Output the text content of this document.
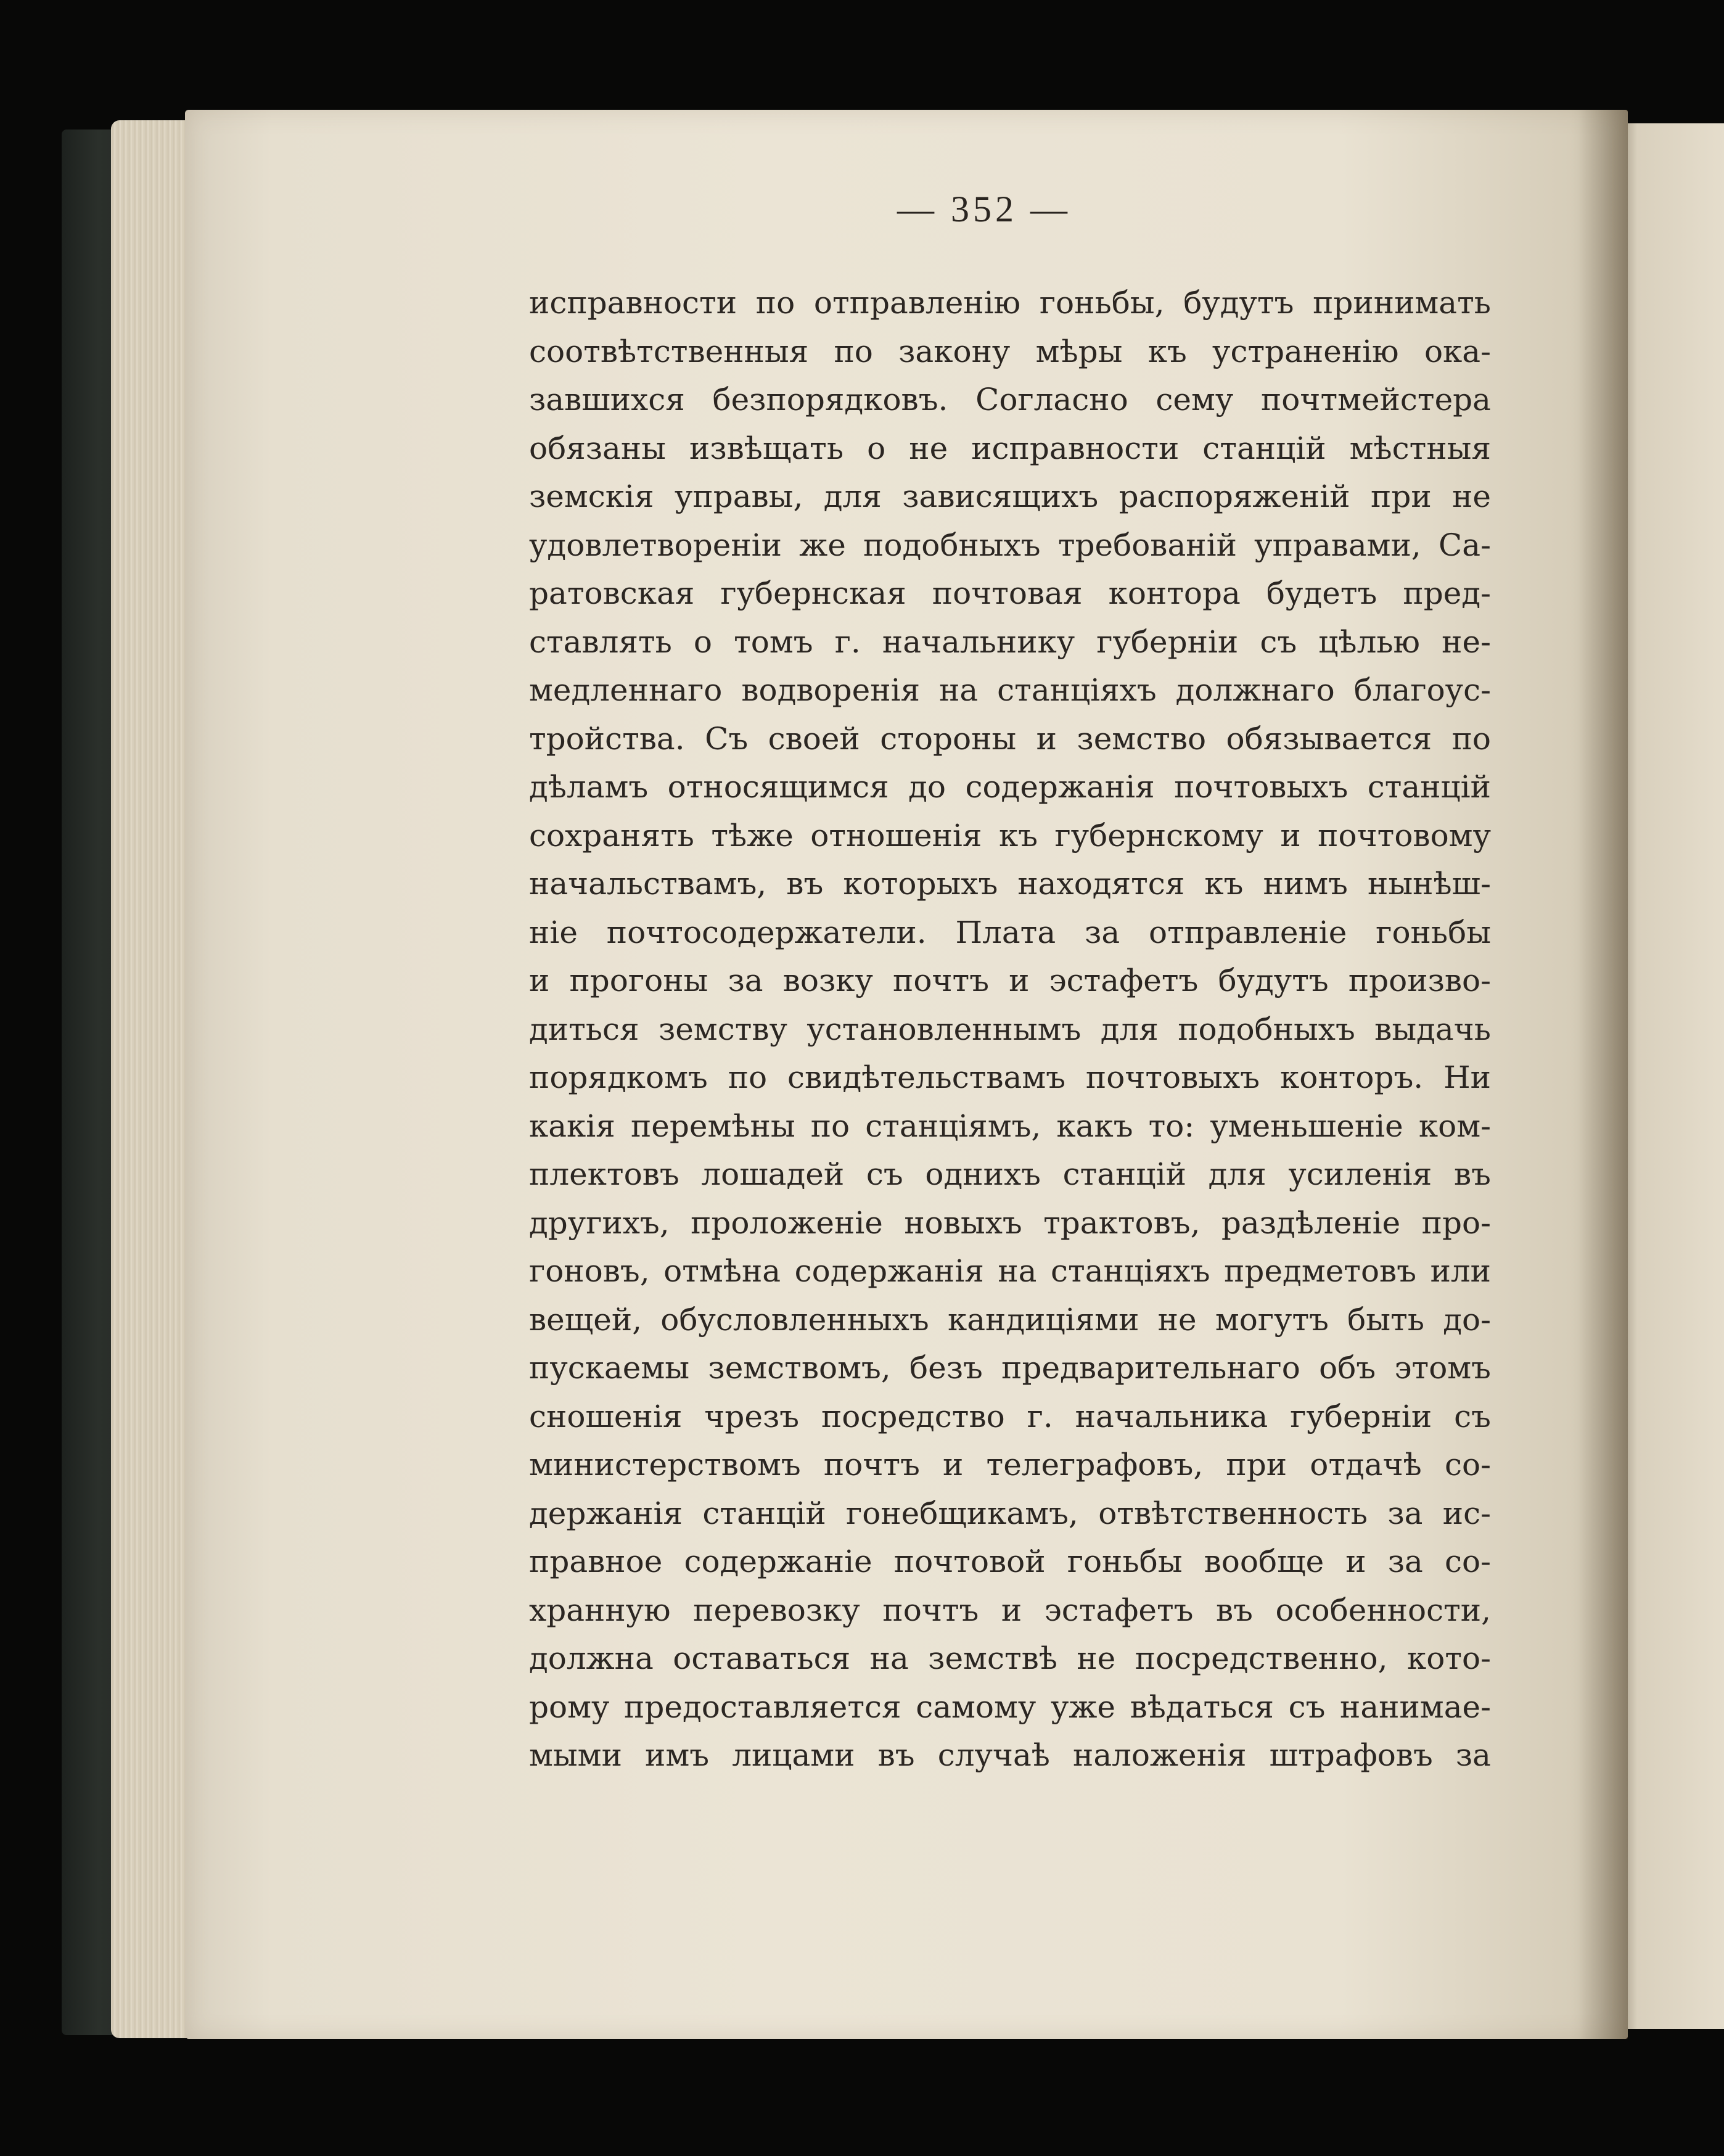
— 352 —
исправности по отправленію гоньбы, будутъ принимать
соотвѣтственныя по закону мѣры къ устраненію ока-
завшихся безпорядковъ. Согласно сему почтмейстера
обязаны извѣщать о не исправности станцій мѣстныя
земскія управы, для зависящихъ распоряженій при не
удовлетвореніи же подобныхъ требованій управами, Са-
ратовская губернская почтовая контора будетъ пред-
ставлять о томъ г. начальнику губерніи съ цѣлью не-
медленнаго водворенія на станціяхъ должнаго благоус-
тройства. Съ своей стороны и земство обязывается по
дѣламъ относящимся до содержанія почтовыхъ станцій
сохранять тѣже отношенія къ губернскому и почтовому
начальствамъ, въ которыхъ находятся къ нимъ нынѣш-
ніе почтосодержатели. Плата за отправленіе гоньбы
и прогоны за возку почтъ и эстафетъ будутъ произво-
диться земству установленнымъ для подобныхъ выдачь
порядкомъ по свидѣтельствамъ почтовыхъ конторъ. Ни
какія перемѣны по станціямъ, какъ то: уменьшеніе ком-
плектовъ лошадей съ однихъ станцій для усиленія въ
другихъ, проложеніе новыхъ трактовъ, раздѣленіе про-
гоновъ, отмѣна содержанія на станціяхъ предметовъ или
вещей, обусловленныхъ кандиціями не могутъ быть до-
пускаемы земствомъ, безъ предварительнаго объ этомъ
сношенія чрезъ посредство г. начальника губерніи съ
министерствомъ почтъ и телеграфовъ, при отдачѣ со-
держанія станцій гонебщикамъ, отвѣтственность за ис-
правное содержаніе почтовой гоньбы вообще и за со-
хранную перевозку почтъ и эстафетъ въ особенности,
должна оставаться на земствѣ не посредственно, кото-
рому предоставляется самому уже вѣдаться съ нанимае-
мыми имъ лицами въ случаѣ наложенія штрафовъ за
